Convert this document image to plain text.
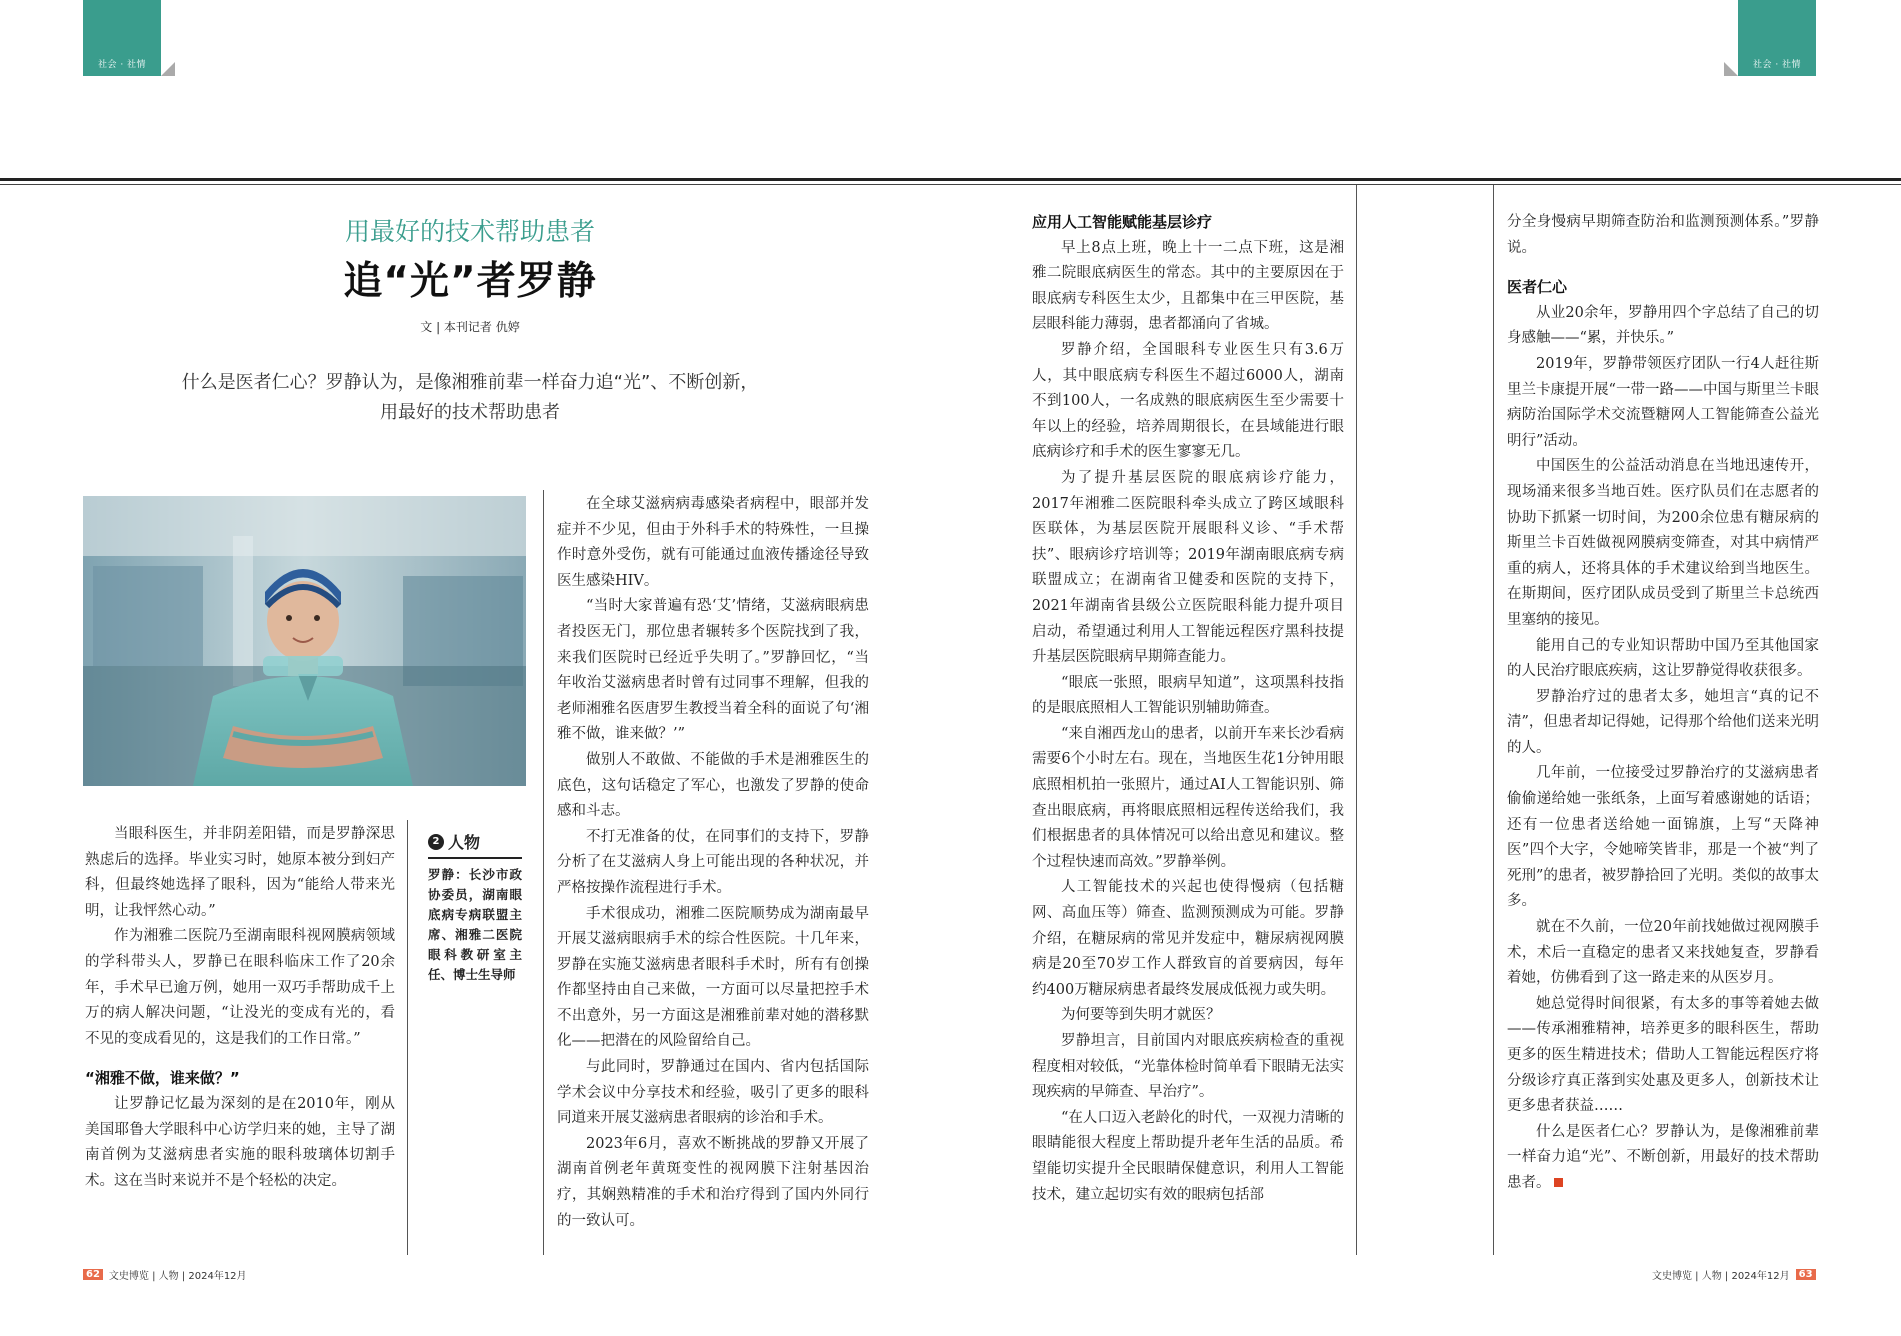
社会 · 社情	社会 · 社情
用最好的技术帮助患者
追“光”者罗静
文 | 本刊记者 仇婷
什么是医者仁心？罗静认为，是像湘雅前辈一样奋力追“光”、不断创新，
用最好的技术帮助患者

当眼科医生，并非阴差阳错，而是罗静深思熟虑后的选择。毕业实习时，她原本被分到妇产科，但最终她选择了眼科，因为“能给人带来光明，让我怦然心动。”

作为湘雅二医院乃至湖南眼科视网膜病领域的学科带头人，罗静已在眼科临床工作了20余年，手术早已逾万例，她用一双巧手帮助成千上万的病人解决问题，“让没光的变成有光的，看不见的变成看见的，这是我们的工作日常。”

“湘雅不做，谁来做？”

让罗静记忆最为深刻的是在2010年，刚从美国耶鲁大学眼科中心访学归来的她，主导了湖南首例为艾滋病患者实施的眼科玻璃体切割手术。这在当时来说并不是个轻松的决定。

2 人物
罗静：长沙市政协委员，湖南眼底病专病联盟主席、湘雅二医院眼科教研室主任、博士生导师

在全球艾滋病病毒感染者病程中，眼部并发症并不少见，但由于外科手术的特殊性，一旦操作时意外受伤，就有可能通过血液传播途径导致医生感染HIV。

“当时大家普遍有恐‘艾’情绪，艾滋病眼病患者投医无门，那位患者辗转多个医院找到了我，来我们医院时已经近乎失明了。”罗静回忆，“当年收治艾滋病患者时曾有过同事不理解，但我的老师湘雅名医唐罗生教授当着全科的面说了句‘湘雅不做，谁来做？’”

做别人不敢做、不能做的手术是湘雅医生的底色，这句话稳定了军心，也激发了罗静的使命感和斗志。

不打无准备的仗，在同事们的支持下，罗静分析了在艾滋病人身上可能出现的各种状况，并严格按操作流程进行手术。

手术很成功，湘雅二医院顺势成为湖南最早开展艾滋病眼病手术的综合性医院。十几年来，罗静在实施艾滋病患者眼科手术时，所有有创操作都坚持由自己来做，一方面可以尽量把控手术不出意外，另一方面这是湘雅前辈对她的潜移默化——把潜在的风险留给自己。

与此同时，罗静通过在国内、省内包括国际学术会议中分享技术和经验，吸引了更多的眼科同道来开展艾滋病患者眼病的诊治和手术。

2023年6月，喜欢不断挑战的罗静又开展了湖南首例老年黄斑变性的视网膜下注射基因治疗，其娴熟精准的手术和治疗得到了国内外同行的一致认可。

应用人工智能赋能基层诊疗

早上8点上班，晚上十一二点下班，这是湘雅二院眼底病医生的常态。其中的主要原因在于眼底病专科医生太少，且都集中在三甲医院，基层眼科能力薄弱，患者都涌向了省城。

罗静介绍，全国眼科专业医生只有3.6万人，其中眼底病专科医生不超过6000人，湖南不到100人，一名成熟的眼底病医生至少需要十年以上的经验，培养周期很长，在县域能进行眼底病诊疗和手术的医生寥寥无几。

为了提升基层医院的眼底病诊疗能力，2017年湘雅二医院眼科牵头成立了跨区域眼科医联体，为基层医院开展眼科义诊、“手术帮扶”、眼病诊疗培训等；2019年湖南眼底病专病联盟成立；在湖南省卫健委和医院的支持下，2021年湖南省县级公立医院眼科能力提升项目启动，希望通过利用人工智能远程医疗黑科技提升基层医院眼病早期筛查能力。

“眼底一张照，眼病早知道”，这项黑科技指的是眼底照相人工智能识别辅助筛查。

“来自湘西龙山的患者，以前开车来长沙看病需要6个小时左右。现在，当地医生花1分钟用眼底照相机拍一张照片，通过AI人工智能识别、筛查出眼底病，再将眼底照相远程传送给我们，我们根据患者的具体情况可以给出意见和建议。整个过程快速而高效。”罗静举例。

人工智能技术的兴起也使得慢病（包括糖网、高血压等）筛查、监测预测成为可能。罗静介绍，在糖尿病的常见并发症中，糖尿病视网膜病是20至70岁工作人群致盲的首要病因，每年约400万糖尿病患者最终发展成低视力或失明。

为何要等到失明才就医？

罗静坦言，目前国内对眼底疾病检查的重视程度相对较低，“光靠体检时简单看下眼睛无法实现疾病的早筛查、早治疗”。

“在人口迈入老龄化的时代，一双视力清晰的眼睛能很大程度上帮助提升老年生活的品质。希望能切实提升全民眼睛保健意识，利用人工智能技术，建立起切实有效的眼病包括部

分全身慢病早期筛查防治和监测预测体系。”罗静说。

医者仁心

从业20余年，罗静用四个字总结了自己的切身感触——“累，并快乐。”

2019年，罗静带领医疗团队一行4人赶往斯里兰卡康提开展“一带一路——中国与斯里兰卡眼病防治国际学术交流暨糖网人工智能筛查公益光明行”活动。

中国医生的公益活动消息在当地迅速传开，现场涌来很多当地百姓。医疗队员们在志愿者的协助下抓紧一切时间，为200余位患有糖尿病的斯里兰卡百姓做视网膜病变筛查，对其中病情严重的病人，还将具体的手术建议给到当地医生。在斯期间，医疗团队成员受到了斯里兰卡总统西里塞纳的接见。

能用自己的专业知识帮助中国乃至其他国家的人民治疗眼底疾病，这让罗静觉得收获很多。

罗静治疗过的患者太多，她坦言“真的记不清”，但患者却记得她，记得那个给他们送来光明的人。

几年前，一位接受过罗静治疗的艾滋病患者偷偷递给她一张纸条，上面写着感谢她的话语；还有一位患者送给她一面锦旗，上写“天降神医”四个大字，令她啼笑皆非，那是一个被“判了死刑”的患者，被罗静拾回了光明。类似的故事太多。

就在不久前，一位20年前找她做过视网膜手术，术后一直稳定的患者又来找她复查，罗静看着她，仿佛看到了这一路走来的从医岁月。

她总觉得时间很紧，有太多的事等着她去做——传承湘雅精神，培养更多的眼科医生，帮助更多的医生精进技术；借助人工智能远程医疗将分级诊疗真正落到实处惠及更多人，创新技术让更多患者获益……

什么是医者仁心？罗静认为，是像湘雅前辈一样奋力追“光”、不断创新，用最好的技术帮助患者。

62 文史博览 | 人物 | 2024年12月	文史博览 | 人物 | 2024年12月 63
